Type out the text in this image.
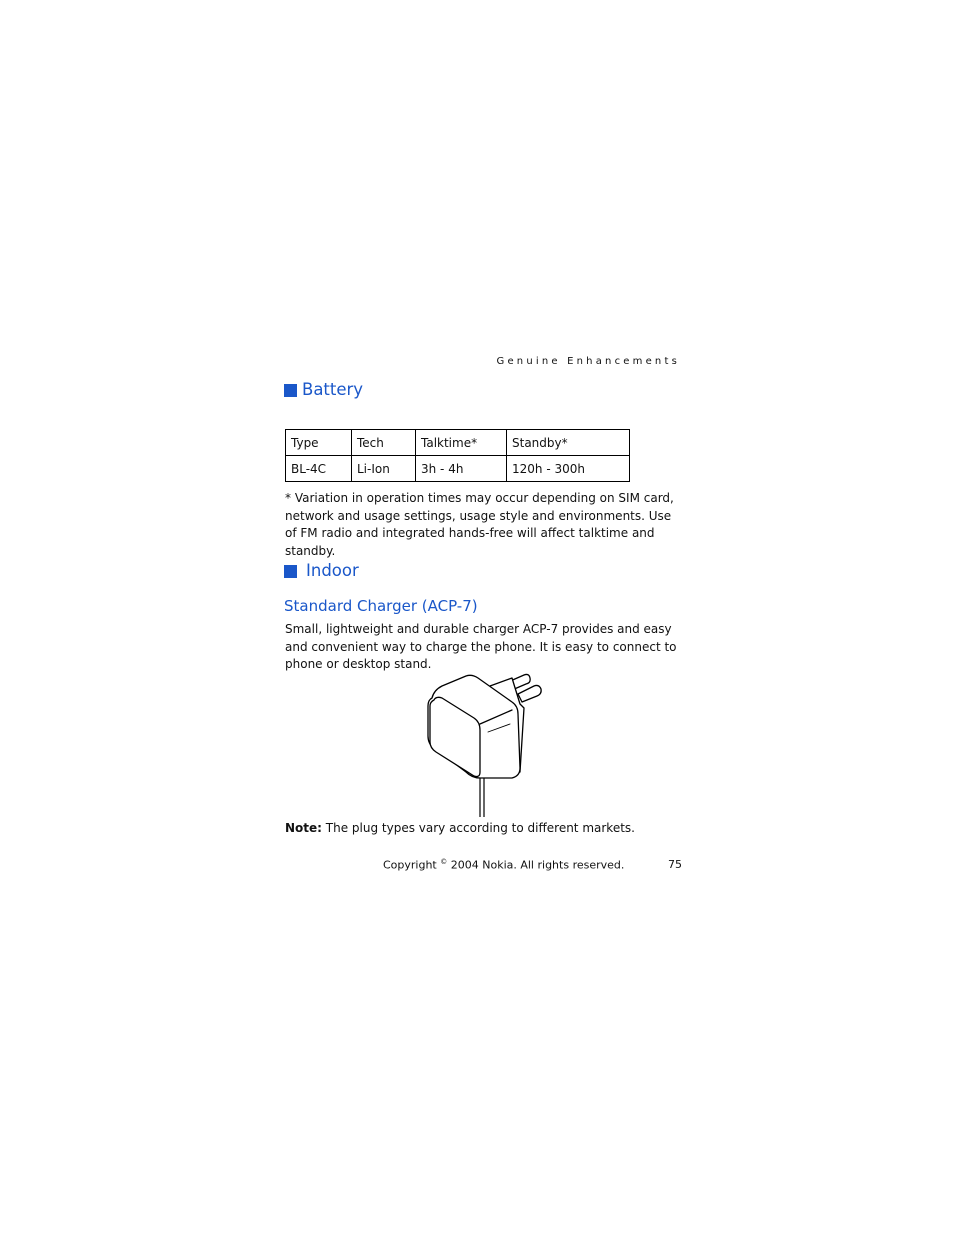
Genuine Enhancements
Battery
Type	Tech	Talktime*	Standby*
BL-4C	Li-Ion	3h - 4h	120h - 300h
* Variation in operation times may occur depending on SIM card, network and usage settings, usage style and environments. Use of FM radio and integrated hands-free will affect talktime and standby.
Indoor
Standard Charger (ACP-7)
Small, lightweight and durable charger ACP-7 provides and easy and convenient way to charge the phone. It is easy to connect to phone or desktop stand.
Note: The plug types vary according to different markets.
Copyright © 2004 Nokia. All rights reserved.	75
